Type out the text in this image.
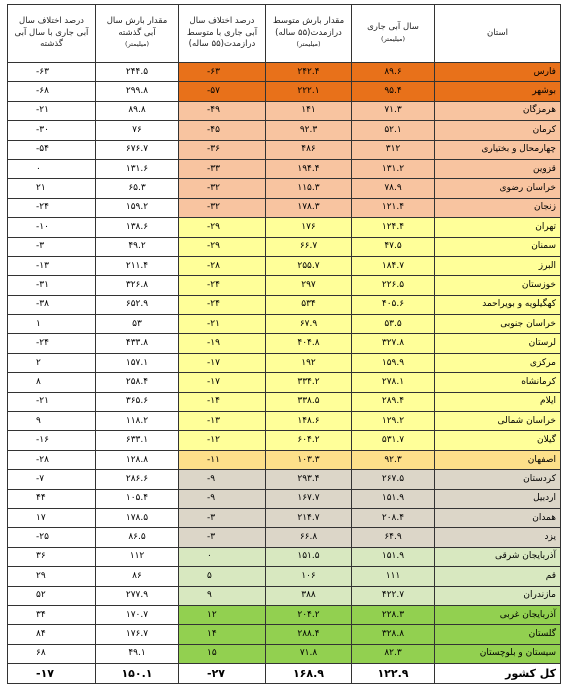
درصد اختلاف سال آبی جاری با سال آبی گذشته	مقدار بارش سال آبی گذشته
(میلیمتر)	درصد اختلاف سال آبی جاری با متوسط درازمدت(۵۵ ساله)	مقدار بارش متوسط درازمدت(۵۵ ساله)
(میلیمتر)	سال آبی جاری
(میلیمتر)	استان
-۶۳	۲۴۴.۵	-۶۳	۲۴۲.۴	۸۹.۶	فارس
-۶۸	۲۹۹.۸	-۵۷	۲۲۲.۱	۹۵.۴	بوشهر
-۲۱	۸۹.۸	-۴۹	۱۴۱	۷۱.۳	هرمزگان
-۳۰	۷۶	-۴۵	۹۲.۳	۵۲.۱	کرمان
-۵۴	۶۷۶.۷	-۳۶	۴۸۶	۳۱۲	چهارمحال و بختیاری
۰	۱۳۱.۶	-۳۳	۱۹۴.۴	۱۳۱.۲	قزوین
۲۱	۶۵.۳	-۳۲	۱۱۵.۳	۷۸.۹	خراسان رضوی
-۲۴	۱۵۹.۲	-۳۲	۱۷۸.۳	۱۲۱.۴	زنجان
-۱۰	۱۳۸.۶	-۲۹	۱۷۶	۱۲۴.۴	تهران
-۳	۴۹.۲	-۲۹	۶۶.۷	۴۷.۵	سمنان
-۱۳	۲۱۱.۴	-۲۸	۲۵۵.۷	۱۸۴.۷	البرز
-۳۱	۳۲۶.۸	-۲۴	۲۹۷	۲۲۶.۵	خوزستان
-۳۸	۶۵۲.۹	-۲۴	۵۳۴	۴۰۵.۶	کهگیلویه و بویراحمد
۱	۵۳	-۲۱	۶۷.۹	۵۳.۵	خراسان جنوبی
-۲۴	۴۳۳.۸	-۱۹	۴۰۴.۸	۳۲۷.۸	لرستان
۲	۱۵۷.۱	-۱۷	۱۹۲	۱۵۹.۹	مرکزی
۸	۲۵۸.۴	-۱۷	۳۳۴.۲	۲۷۸.۱	کرمانشاه
-۲۱	۳۶۵.۶	-۱۴	۳۳۸.۵	۲۸۹.۴	ایلام
۹	۱۱۸.۲	-۱۳	۱۴۸.۶	۱۲۹.۲	خراسان شمالی
-۱۶	۶۳۳.۱	-۱۲	۶۰۴.۲	۵۳۱.۷	گیلان
-۲۸	۱۲۸.۸	-۱۱	۱۰۳.۳	۹۲.۳	اصفهان
-۷	۲۸۶.۶	-۹	۲۹۳.۴	۲۶۷.۵	کردستان
۴۴	۱۰۵.۴	-۹	۱۶۷.۷	۱۵۱.۹	اردبیل
۱۷	۱۷۸.۵	-۳	۲۱۴.۷	۲۰۸.۴	همدان
-۲۵	۸۶.۵	-۳	۶۶.۸	۶۴.۹	یزد
۳۶	۱۱۲	۰	۱۵۱.۵	۱۵۱.۹	آذربایجان شرقی
۲۹	۸۶	۵	۱۰۶	۱۱۱	قم
۵۲	۲۷۷.۹	۹	۳۸۸	۴۲۲.۷	مازندران
۳۴	۱۷۰.۷	۱۲	۲۰۴.۲	۲۲۸.۳	آذربایجان غربی
۸۴	۱۷۶.۷	۱۴	۲۸۸.۴	۳۲۸.۸	گلستان
۶۸	۴۹.۱	۱۵	۷۱.۸	۸۲.۳	سیستان و بلوچستان
-۱۷	۱۵۰.۱	-۲۷	۱۶۸.۹	۱۲۲.۹	کل کشور
